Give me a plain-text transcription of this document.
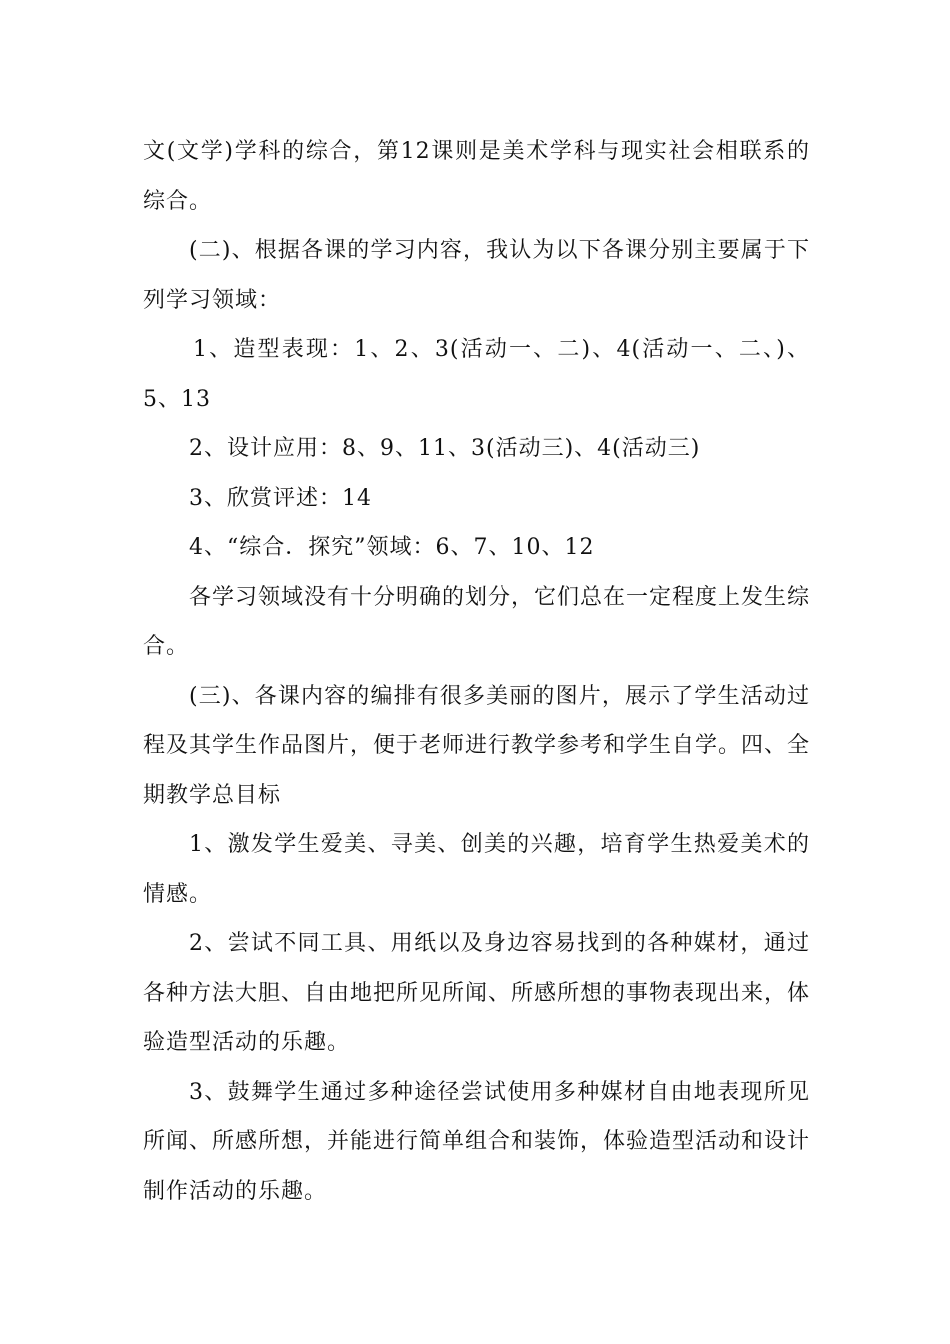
文(文学)学科的综合，第12课则是美术学科与现实社会相联系的综合。

(二)、根据各课的学习内容，我认为以下各课分别主要属于下列学习领域：

1、造型表现：1、2、3(活动一、二)、4(活动一、二、)、5、13

2、设计应用：8、9、11、3(活动三)、4(活动三)

3、欣赏评述：14

4、“综合．探究”领域：6、7、10、12

各学习领域没有十分明确的划分，它们总在一定程度上发生综合。

(三)、各课内容的编排有很多美丽的图片，展示了学生活动过程及其学生作品图片，便于老师进行教学参考和学生自学。四、全期教学总目标

1、激发学生爱美、寻美、创美的兴趣，培育学生热爱美术的情感。

2、尝试不同工具、用纸以及身边容易找到的各种媒材，通过各种方法大胆、自由地把所见所闻、所感所想的事物表现出来，体验造型活动的乐趣。

3、鼓舞学生通过多种途径尝试使用多种媒材自由地表现所见所闻、所感所想，并能进行简单组合和装饰，体验造型活动和设计制作活动的乐趣。
